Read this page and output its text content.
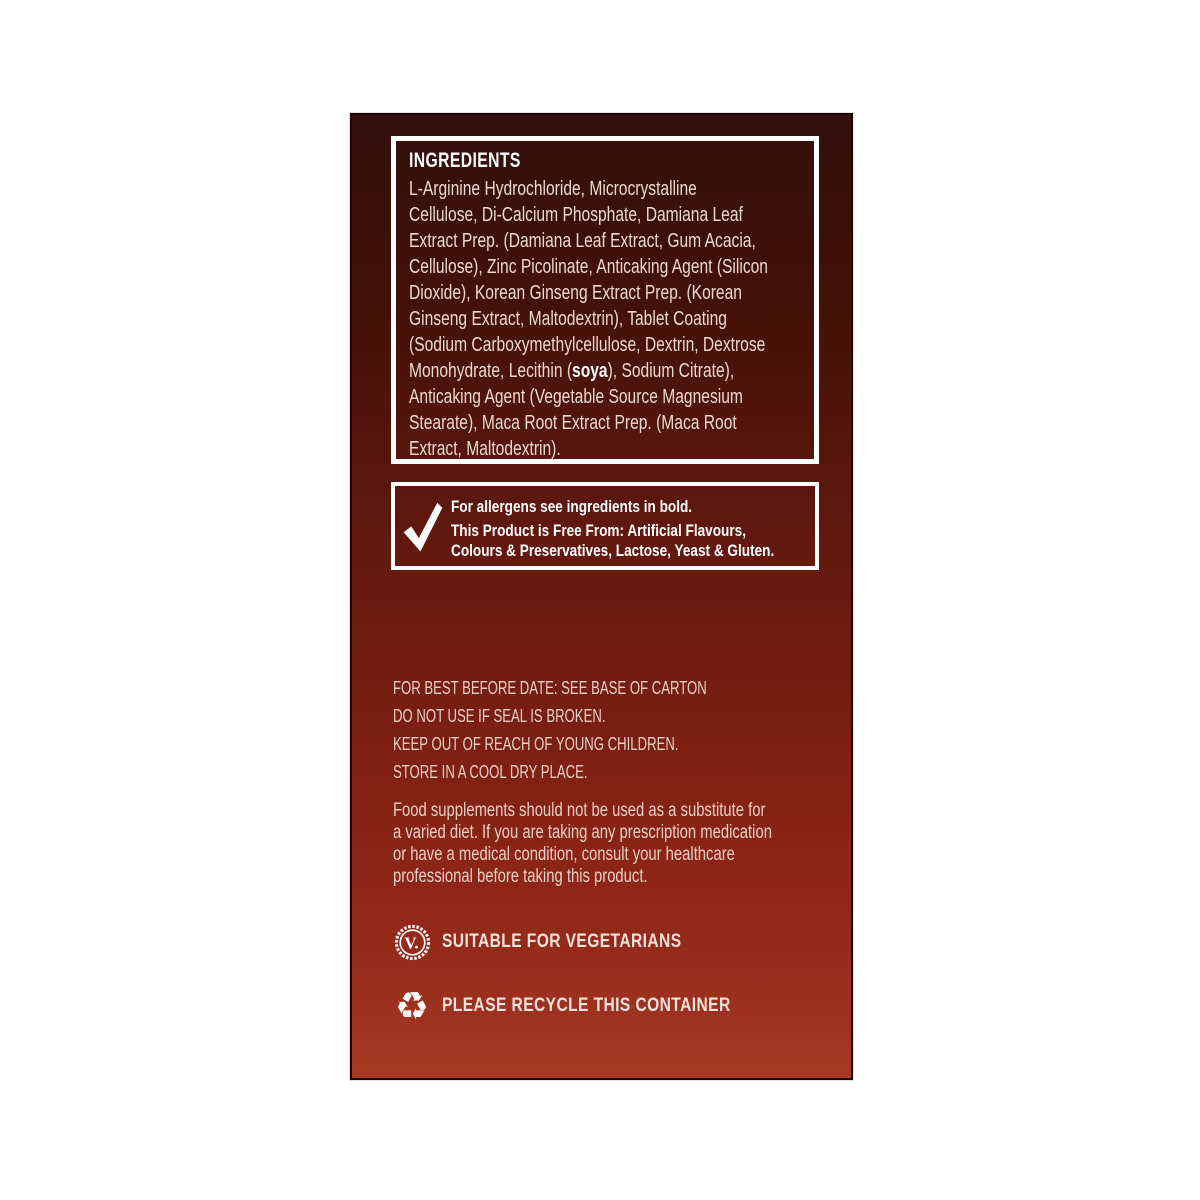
INGREDIENTS
L-Arginine Hydrochloride, Microcrystalline
Cellulose, Di-Calcium Phosphate, Damiana Leaf
Extract Prep. (Damiana Leaf Extract, Gum Acacia,
Cellulose), Zinc Picolinate, Anticaking Agent (Silicon
Dioxide), Korean Ginseng Extract Prep. (Korean
Ginseng Extract, Maltodextrin), Tablet Coating
(Sodium Carboxymethylcellulose, Dextrin, Dextrose
Monohydrate, Lecithin (soya), Sodium Citrate),
Anticaking Agent (Vegetable Source Magnesium
Stearate), Maca Root Extract Prep. (Maca Root
Extract, Maltodextrin).
For allergens see ingredients in bold.
This Product is Free From: Artificial Flavours,
Colours & Preservatives, Lactose, Yeast & Gluten.
FOR BEST BEFORE DATE: SEE BASE OF CARTON
DO NOT USE IF SEAL IS BROKEN.
KEEP OUT OF REACH OF YOUNG CHILDREN.
STORE IN A COOL DRY PLACE.
Food supplements should not be used as a substitute for
a varied diet. If you are taking any prescription medication
or have a medical condition, consult your healthcare
professional before taking this product.
V. SUITABLE FOR VEGETARIANS
♻ PLEASE RECYCLE THIS CONTAINER
